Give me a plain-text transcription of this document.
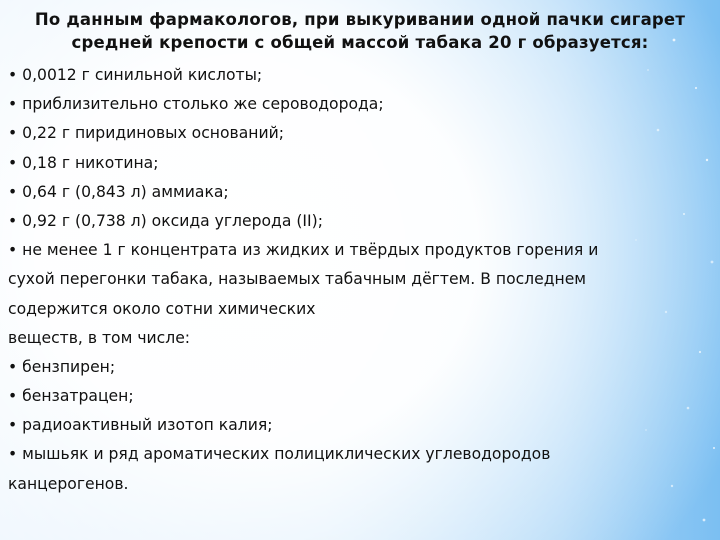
По данным фармакологов, при выкуривании одной пачки сигарет средней крепости с общей массой табака 20 г образуется:

• 0,0012 г синильной кислоты;
• приблизительно столько же сероводорода;
• 0,22 г пиридиновых оснований;
• 0,18 г никотина;
• 0,64 г (0,843 л) аммиака;
• 0,92 г (0,738 л) оксида углерода (II);
• не менее 1 г концентрата из жидких и твёрдых продуктов горения и
сухой перегонки табака, называемых табачным дёгтем. В последнем
содержится около сотни химических
веществ, в том числе:
• бензпирен;
• бензатрацен;
• радиоактивный изотоп калия;
• мышьяк и ряд ароматических полициклических углеводородов
канцерогенов.
